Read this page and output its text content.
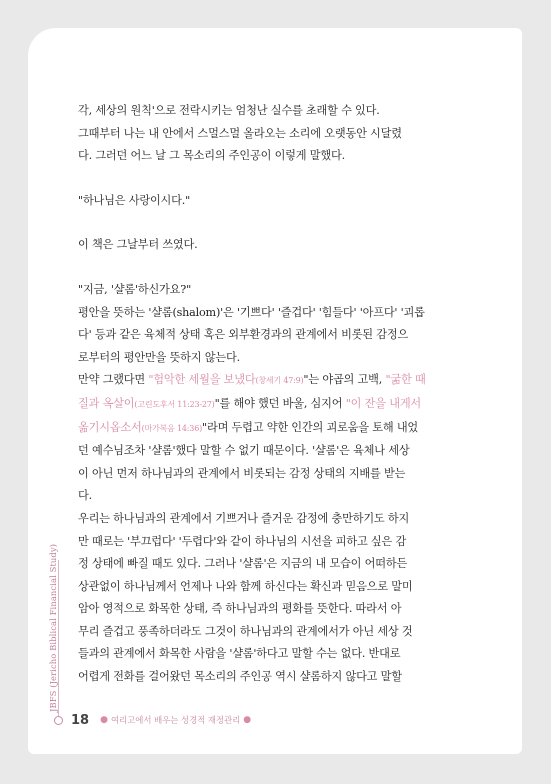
각, 세상의 원칙'으로 전락시키는 엄청난 실수를 초래할 수 있다.

그때부터 나는 내 안에서 스멀스멀 올라오는 소리에 오랫동안 시달렸

다. 그러던 어느 날 그 목소리의 주인공이 이렇게 말했다.

"하나님은 사랑이시다."

이 책은 그날부터 쓰였다.

"지금, '샬롬'하신가요?"

평안을 뜻하는 '샬롬(shalom)'은 '기쁘다' '즐겁다' '힘들다' '아프다' '괴롭

다' 등과 같은 육체적 상태 혹은 외부환경과의 관계에서 비롯된 감정으

로부터의 평안만을 뜻하지 않는다.

만약 그랬다면 "험악한 세월을 보냈다(창세기 47:9)"는 야곱의 고백, "굶한 때

질과 옥살이(고린도후서 11:23-27)"를 해야 했던 바울, 심지어 "이 잔을 내게서

옮기시옵소서(마가복음 14:36)"라며 두렵고 약한 인간의 괴로움을 토해 내었

던 예수님조차 '샬롬'했다 말할 수 없기 때문이다. '샬롬'은 육체나 세상

이 아닌 먼저 하나님과의 관계에서 비롯되는 감정 상태의 지배를 받는

다.

우리는 하나님과의 관계에서 기쁘거나 즐거운 감정에 충만하기도 하지

만 때로는 '부끄럽다' '두렵다'와 같이 하나님의 시선을 피하고 싶은 감

정 상태에 빠질 때도 있다. 그러나 '샬롬'은 지금의 내 모습이 어떠하든

상관없이 하나님께서 언제나 나와 함께 하신다는 확신과 믿음으로 말미

암아 영적으로 화목한 상태, 즉 하나님과의 평화를 뜻한다. 따라서 아

무리 즐겁고 풍족하더라도 그것이 하나님과의 관계에서가 아닌 세상 것

들과의 관계에서 화목한 사람을 '샬롬'하다고 말할 수는 없다. 반대로

어렵게 전화를 걸어왔던 목소리의 주인공 역시 샬롬하지 않다고 말할

JBFS (Jericho Biblical Financial Study)
18 ● 여리고에서 배우는 성경적 재정관리 ●
